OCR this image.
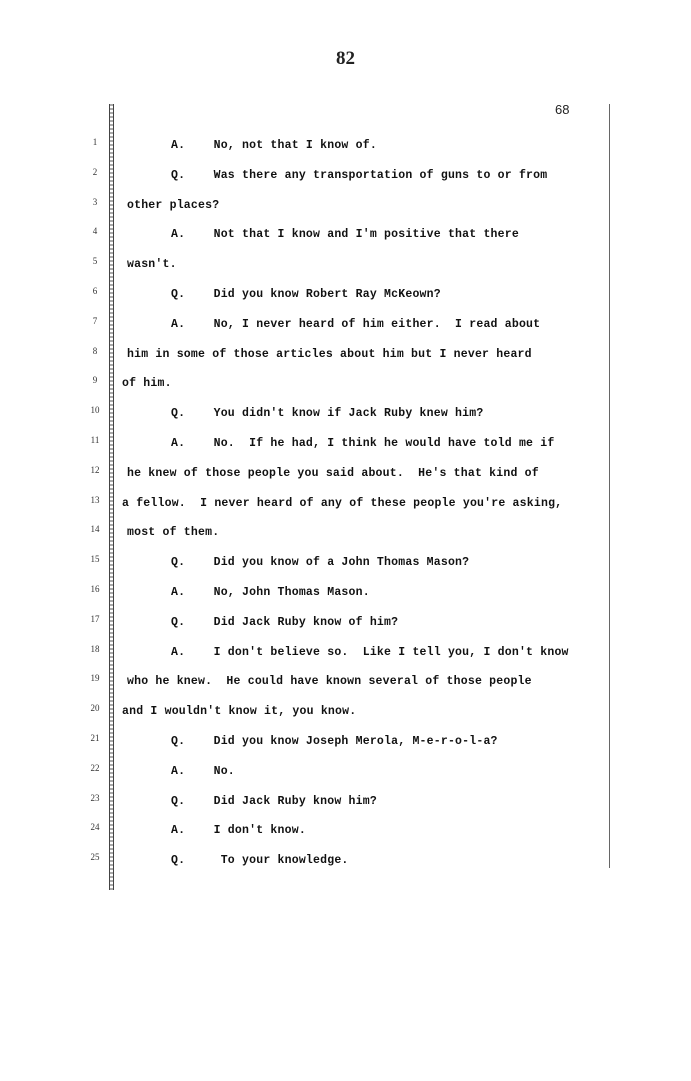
82
68
1	A.    No, not that I know of.
2	Q.    Was there any transportation of guns to or from
3	other places?
4	A.    Not that I know and I'm positive that there
5	wasn't.
6	Q.    Did you know Robert Ray McKeown?
7	A.    No, I never heard of him either.  I read about
8	him in some of those articles about him but I never heard
9	of him.
10	Q.    You didn't know if Jack Ruby knew him?
11	A.    No.  If he had, I think he would have told me if
12	he knew of those people you said about.  He's that kind of
13	a fellow.  I never heard of any of these people you're asking,
14	most of them.
15	Q.    Did you know of a John Thomas Mason?
16	A.    No, John Thomas Mason.
17	Q.    Did Jack Ruby know of him?
18	A.    I don't believe so.  Like I tell you, I don't know
19	who he knew.  He could have known several of those people
20	and I wouldn't know it, you know.
21	Q.    Did you know Joseph Merola, M-e-r-o-l-a?
22	A.    No.
23	Q.    Did Jack Ruby know him?
24	A.    I don't know.
25	Q.     To your knowledge.
